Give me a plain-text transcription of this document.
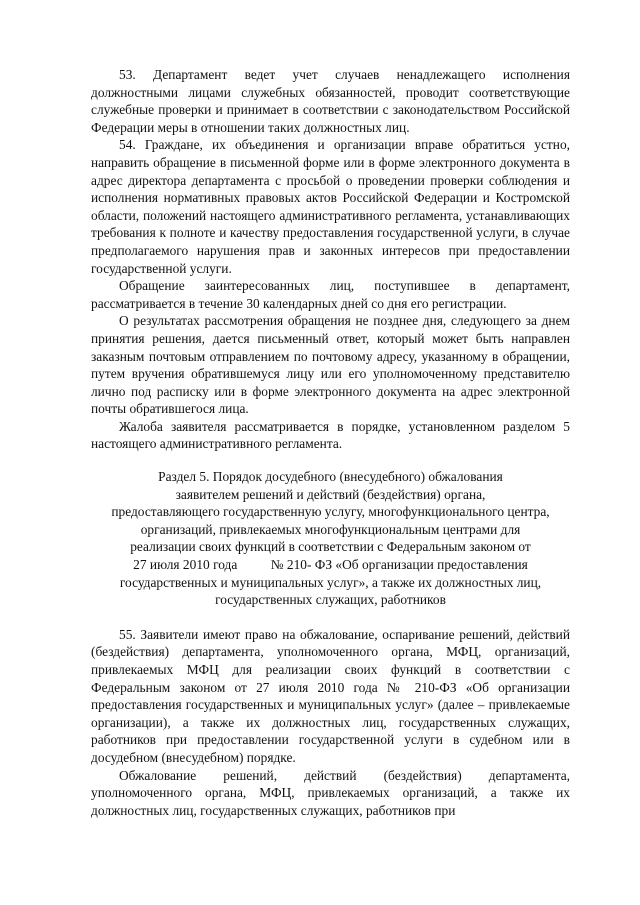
53. Департамент ведет учет случаев ненадлежащего исполнения должностными лицами служебных обязанностей, проводит соответствующие служебные проверки и принимает в соответствии с законодательством Российской Федерации меры в отношении таких должностных лиц.

54. Граждане, их объединения и организации вправе обратиться устно, направить обращение в письменной форме или в форме электронного документа в адрес директора департамента с просьбой о проведении проверки соблюдения и исполнения нормативных правовых актов Российской Федерации и Костромской области, положений настоящего административного регламента, устанавливающих требования к полноте и качеству предоставления государственной услуги, в случае предполагаемого нарушения прав и законных интересов при предоставлении государственной услуги.

Обращение заинтересованных лиц, поступившее в департамент, рассматривается в течение 30 календарных дней со дня его регистрации.

О результатах рассмотрения обращения не позднее дня, следующего за днем принятия решения, дается письменный ответ, который может быть направлен заказным почтовым отправлением по почтовому адресу, указанному в обращении, путем вручения обратившемуся лицу или его уполномоченному представителю лично под расписку или в форме электронного документа на адрес электронной почты обратившегося лица.

Жалоба заявителя рассматривается в порядке, установленном разделом 5 настоящего административного регламента.

Раздел 5. Порядок досудебного (внесудебного) обжалования
заявителем решений и действий (бездействия) органа,
предоставляющего государственную услугу, многофункционального центра,
организаций, привлекаемых многофункциональным центрами для
реализации своих функций в соответствии с Федеральным законом от
27 июля 2010 года          № 210- ФЗ «Об организации предоставления
государственных и муниципальных услуг», а также их должностных лиц,
государственных служащих, работников

55. Заявители имеют право на обжалование, оспаривание решений, действий (бездействия) департамента, уполномоченного органа, МФЦ, организаций, привлекаемых МФЦ для реализации своих функций в соответствии с Федеральным законом от 27 июля 2010 года № 210-ФЗ «Об организации предоставления государственных и муниципальных услуг» (далее – привлекаемые организации), а также их должностных лиц, государственных служащих, работников при предоставлении государственной услуги в судебном или в досудебном (внесудебном) порядке.

Обжалование решений, действий (бездействия) департамента, уполномоченного органа, МФЦ, привлекаемых организаций, а также их должностных лиц, государственных служащих, работников при
